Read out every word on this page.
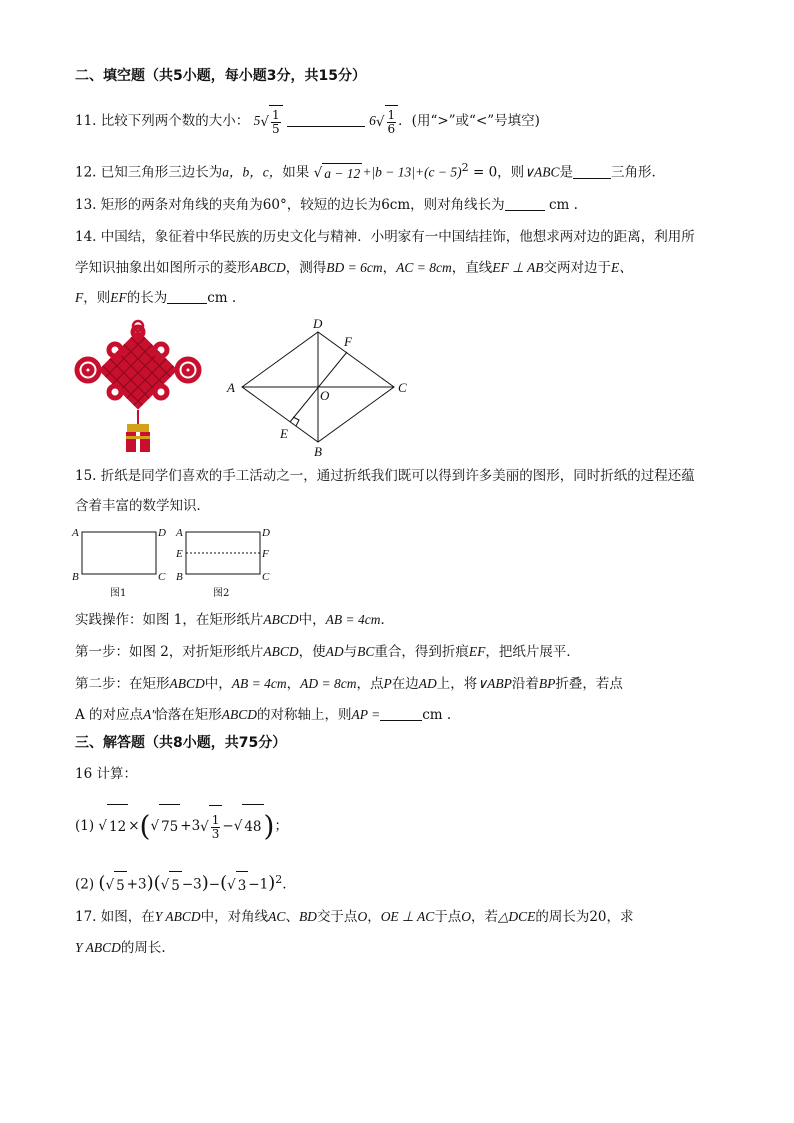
二、填空题（共5小题，每小题3分，共15分）
11. 比较下列两个数的大小： 5 √ $\frac{1}{5}$	6 √ $\frac{1}{6}$ ．(用“>”或“<”号填空)
12. 已知三角形三边长为a，b，c，如果 √ $a - 12 +|b - 13|+(c - 5)^2 = 0$，则∨ABC是	三角形.
13. 矩形的两条对角线的夹角为60°，较短的边长为6cm，则对角线长为	cm .
14. 中国结，象征着中华民族的历史文化与精神．小明家有一中国结挂饰，他想求两对边的距离，利用所
学知识抽象出如图所示的菱形ABCD，测得BD = 6cm，AC = 8cm，直线EF ⊥ AB交两对边于E、
F，则EF的长为	cm .
A
B
C
D
E
F
O
15. 折纸是同学们喜欢的手工活动之一，通过折纸我们既可以得到许多美丽的图形，同时折纸的过程还蕴
含着丰富的数学知识．
A
B	C
D A
B	C
D
E	F
图1	图2
实践操作：如图 1，在矩形纸片ABCD中，AB = 4cm．
第一步：如图 2，对折矩形纸片ABCD，使AD与BC重合，得到折痕EF，把纸片展平．
第二步：在矩形ABCD中，AB = 4cm，AD = 8cm，点P在边AD上，将∨ABP沿着BP折叠，若点
A 的对应点A′恰落在矩形ABCD的对称轴上，则AP =	cm .
三、解答题（共8小题，共75分）
16 计算：
(1) √ 12 ×( √ 75 +3 √ $\frac{1}{3}$ − √ 48 )；
(2) ( √ 5 +3)( √ 5 −3)−( √ 3 −1)$^2$.
17. 如图，在Y ABCD中，对角线AC、BD交于点O，OE ⊥ AC于点O，若△DCE的周长为20，求
Y ABCD的周长.
